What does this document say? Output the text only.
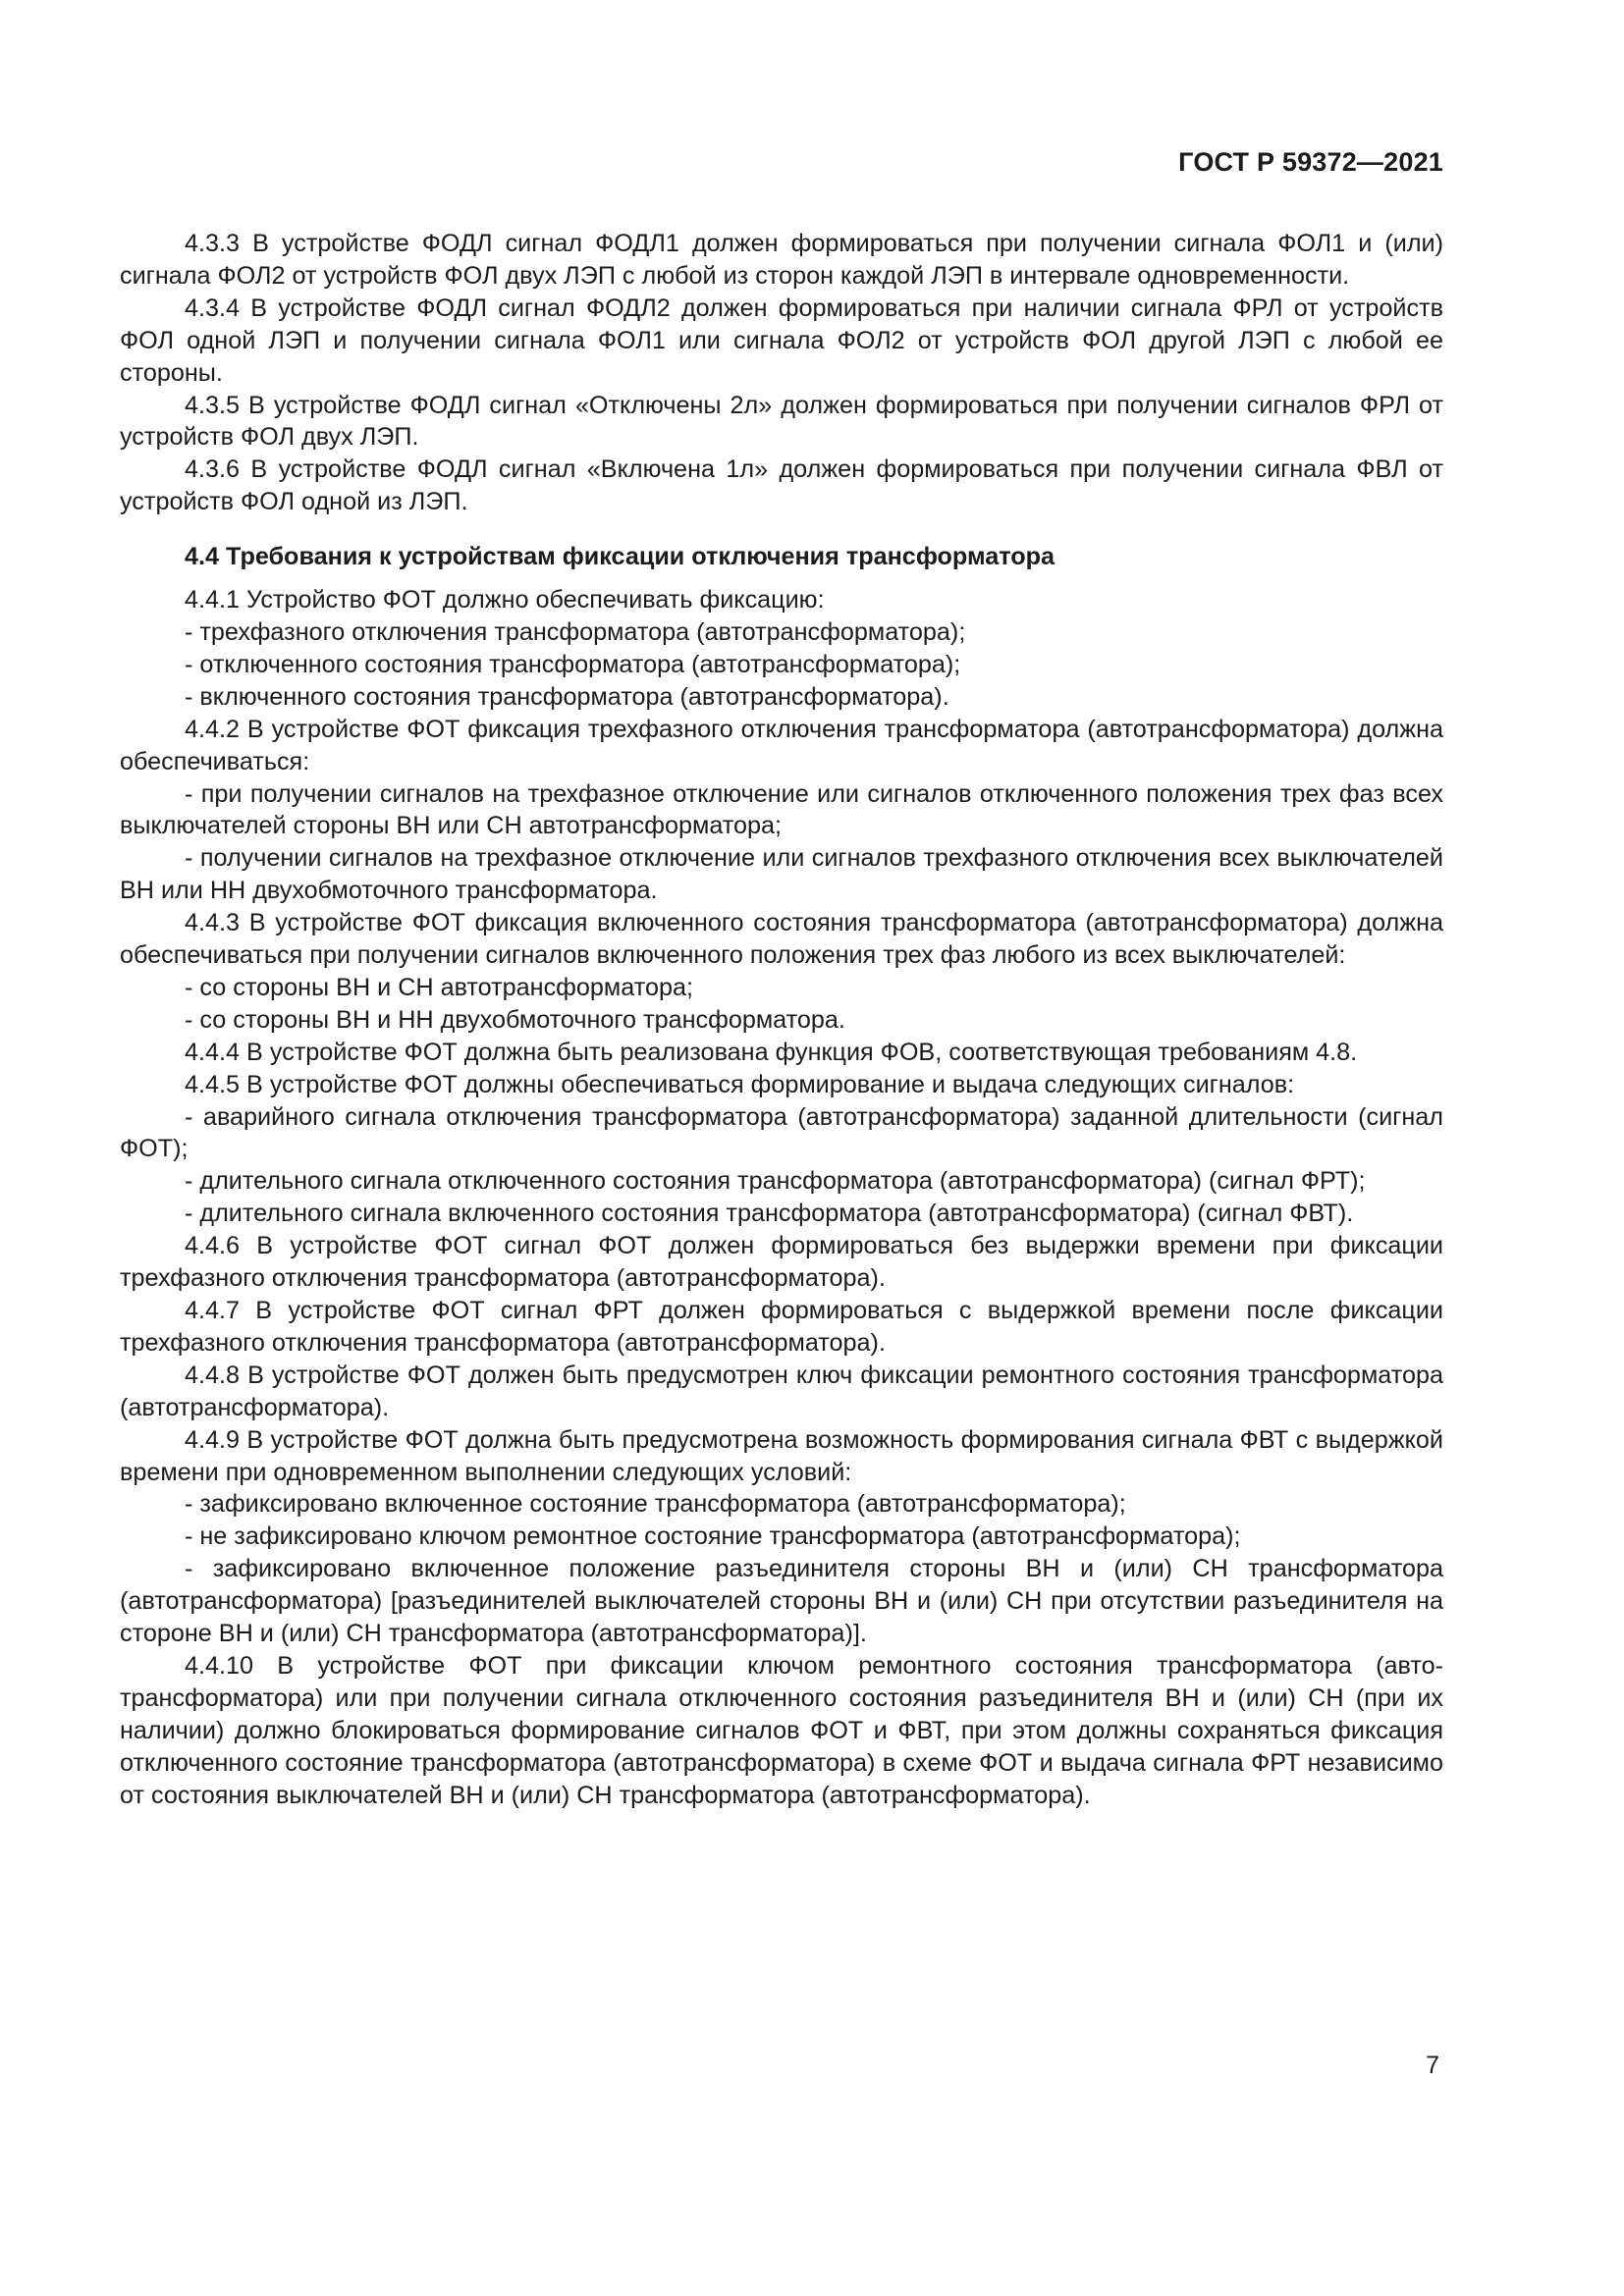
ГОСТ Р 59372—2021

4.3.3 В устройстве ФОДЛ сигнал ФОДЛ1 должен формироваться при получении сигнала ФОЛ1 и (или) сигнала ФОЛ2 от устройств ФОЛ двух ЛЭП с любой из сторон каждой ЛЭП в интервале одновременности.

4.3.4 В устройстве ФОДЛ сигнал ФОДЛ2 должен формироваться при наличии сигнала ФРЛ от устройств ФОЛ одной ЛЭП и получении сигнала ФОЛ1 или сигнала ФОЛ2 от устройств ФОЛ другой ЛЭП с любой ее стороны.

4.3.5 В устройстве ФОДЛ сигнал «Отключены 2л» должен формироваться при получении сигналов ФРЛ от устройств ФОЛ двух ЛЭП.

4.3.6 В устройстве ФОДЛ сигнал «Включена 1л» должен формироваться при получении сигнала ФВЛ от устройств ФОЛ одной из ЛЭП.

4.4 Требования к устройствам фиксации отключения трансформатора

4.4.1 Устройство ФОТ должно обеспечивать фиксацию:

- трехфазного отключения трансформатора (автотрансформатора);

- отключенного состояния трансформатора (автотрансформатора);

- включенного состояния трансформатора (автотрансформатора).

4.4.2 В устройстве ФОТ фиксация трехфазного отключения трансформатора (автотрансформатора) должна обеспечиваться:

- при получении сигналов на трехфазное отключение или сигналов отключенного положения трех фаз всех выключателей стороны ВН или СН автотрансформатора;

- получении сигналов на трехфазное отключение или сигналов трехфазного отключения всех выключателей ВН или НН двухобмоточного трансформатора.

4.4.3 В устройстве ФОТ фиксация включенного состояния трансформатора (автотрансформатора) должна обеспечиваться при получении сигналов включенного положения трех фаз любого из всех выключателей:

- со стороны ВН и СН автотрансформатора;

- со стороны ВН и НН двухобмоточного трансформатора.

4.4.4 В устройстве ФОТ должна быть реализована функция ФОВ, соответствующая требованиям 4.8.

4.4.5 В устройстве ФОТ должны обеспечиваться формирование и выдача следующих сигналов:

- аварийного сигнала отключения трансформатора (автотрансформатора) заданной длительности (сигнал ФОТ);

- длительного сигнала отключенного состояния трансформатора (автотрансформатора) (сигнал ФРТ);

- длительного сигнала включенного состояния трансформатора (автотрансформатора) (сигнал ФВТ).

4.4.6 В устройстве ФОТ сигнал ФОТ должен формироваться без выдержки времени при фиксации трехфазного отключения трансформатора (автотрансформатора).

4.4.7 В устройстве ФОТ сигнал ФРТ должен формироваться с выдержкой времени после фиксации трехфазного отключения трансформатора (автотрансформатора).

4.4.8 В устройстве ФОТ должен быть предусмотрен ключ фиксации ремонтного состояния трансформатора (автотрансформатора).

4.4.9 В устройстве ФОТ должна быть предусмотрена возможность формирования сигнала ФВТ с выдержкой времени при одновременном выполнении следующих условий:

- зафиксировано включенное состояние трансформатора (автотрансформатора);

- не зафиксировано ключом ремонтное состояние трансформатора (автотрансформатора);

- зафиксировано включенное положение разъединителя стороны ВН и (или) СН трансформатора (автотрансформатора) [разъединителей выключателей стороны ВН и (или) СН при отсутствии разъединителя на стороне ВН и (или) СН трансформатора (автотрансформатора)].

4.4.10 В устройстве ФОТ при фиксации ключом ремонтного состояния трансформатора (автотрансформатора) или при получении сигнала отключенного состояния разъединителя ВН и (или) СН (при их наличии) должно блокироваться формирование сигналов ФОТ и ФВТ, при этом должны сохраняться фиксация отключенного состояние трансформатора (автотрансформатора) в схеме ФОТ и выдача сигнала ФРТ независимо от состояния выключателей ВН и (или) СН трансформатора (автотрансформатора).

7
